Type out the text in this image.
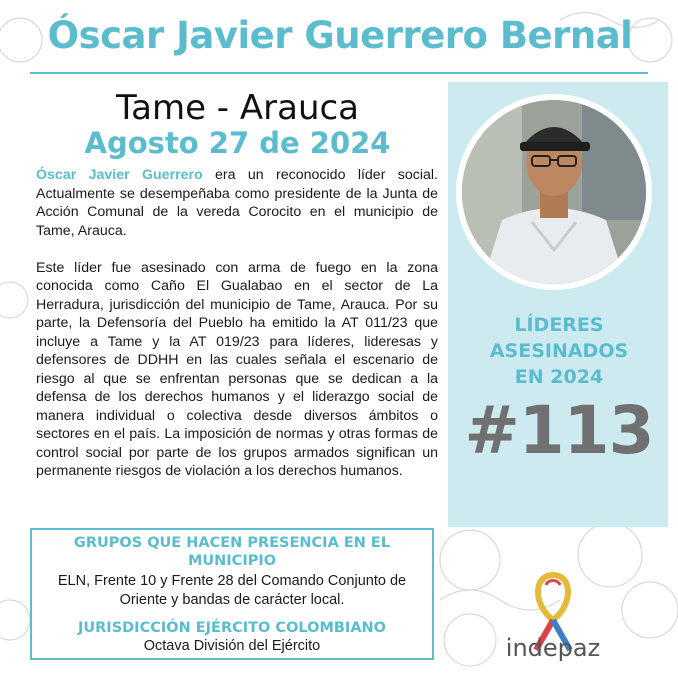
Óscar Javier Guerrero Bernal
Tame - Arauca
Agosto 27 de 2024

Óscar Javier Guerrero era un reconocido líder social. Actualmente se desempeñaba como presidente de la Junta de Acción Comunal de la vereda Corocito en el municipio de Tame, Arauca.

Este líder fue asesinado con arma de fuego en la zona conocida como Caño El Gualabao en el sector de La Herradura, jurisdicción del municipio de Tame, Arauca. Por su parte, la Defensoría del Pueblo ha emitido la AT 011/23 que incluye a Tame y la AT 019/23 para líderes, lideresas y defensores de DDHH en las cuales señala el escenario de riesgo al que se enfrentan personas que se dedican a la defensa de los derechos humanos y el liderazgo social de manera individual o colectiva desde diversos ámbitos o sectores en el país. La imposición de normas y otras formas de control social por parte de los grupos armados significan un permanente riesgos de violación a los derechos humanos.

LÍDERES
ASESINADOS
EN 2024
#113
GRUPOS QUE HACEN PRESENCIA EN EL
MUNICIPIO
ELN, Frente 10 y Frente 28 del Comando Conjunto de
Oriente y bandas de carácter local.
JURISDICCIÓN EJÉRCITO COLOMBIANO
Octava División del Ejército	indepaz
